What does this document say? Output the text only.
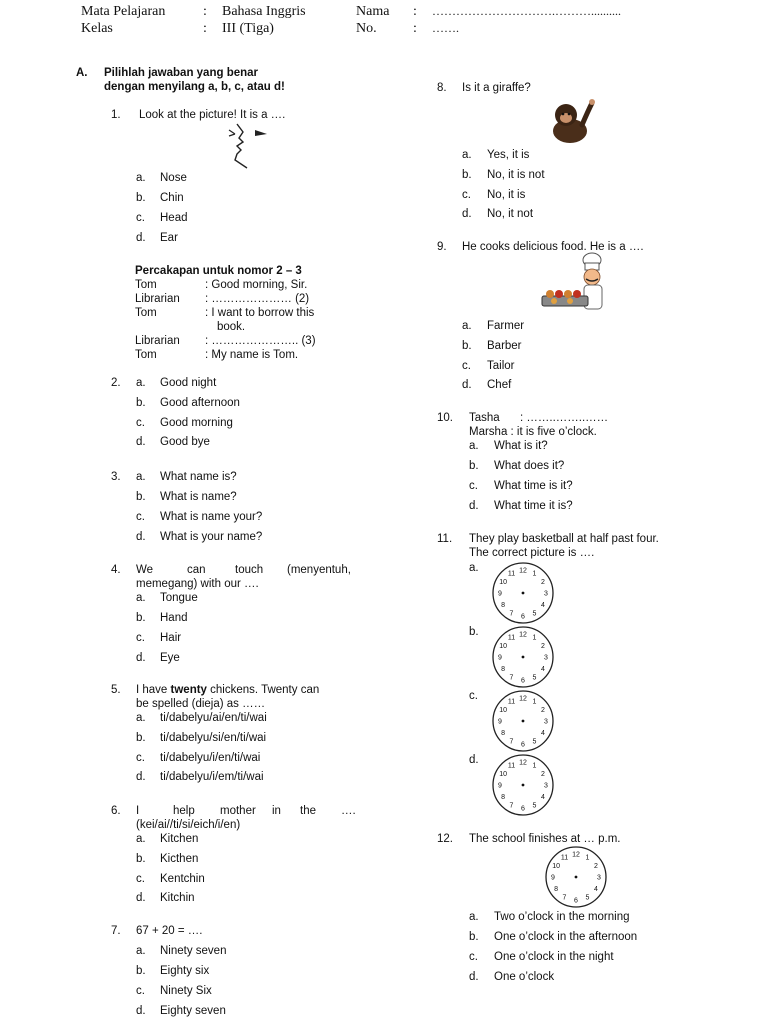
Mata Pelajaran	: Bahasa Inggris
Kelas	: III (Tiga)
Nama : ………………………….………..........
No.	: …….
A. Pilihlah jawaban yang benar
dengan menyilang a, b, c, atau d!
1. Look at the picture! It is a ….
a. Nose
b. Chin
c. Head
d. Ear
Percakapan untuk nomor 2 – 3
Tom	: Good morning, Sir.
Librarian : ………………… (2)
Tom	: I want to borrow this
book.
Librarian : ………………….. (3)
Tom	: My name is Tom.
2. a. Good night
b. Good afternoon
c. Good morning
d. Good bye
3. a. What name is?
b. What is name?
c. What is name your?
d. What is your name?
4. We	can	touch (menyentuh,
memegang) with our ….
a. Tongue
b. Hand
c. Hair
d. Eye
5. I have twenty chickens. Twenty can
be spelled (dieja) as ……
a. ti/dabelyu/ai/en/ti/wai
b. ti/dabelyu/si/en/ti/wai
c. ti/dabelyu/i/en/ti/wai
d. ti/dabelyu/i/em/ti/wai
6. I	help mother in the ….
(kei/ai//ti/si/eich/i/en)
a. Kitchen
b. Kicthen
c. Kentchin
d. Kitchin
7. 67 + 20 = ….
a. Ninety seven
b. Eighty six
c. Ninety Six
d. Eighty seven
8. Is it a giraffe?
a. Yes, it is
b. No, it is not
c. No, it is
d. No, it not
9. He cooks delicious food. He is a ….
a. Farmer
b. Barber
c. Tailor
d. Chef
10. Tasha : ……..……..……
Marsha : it is five o’clock.
a. What is it?
b. What does it?
c. What time is it?
d. What time it is?
11. They play basketball at half past four.
The correct picture is ….
a.
b.
c.
d.
12 1
2
3
4
5
6
7
8
9
10
11
12 1
2
3
4
5
6
7
8
9
10
11
12 1
2
3
4
5
6
7
8
9
10
11
12 1
2
3
4
5
6
7
8
9
10
11
12. The school finishes at … p.m.
12 1
2
3
4
5
6
7
8
9
10
11
a. Two o’clock in the morning
b. One o’clock in the afternoon
c. One o’clock in the night
d. One o’clock
